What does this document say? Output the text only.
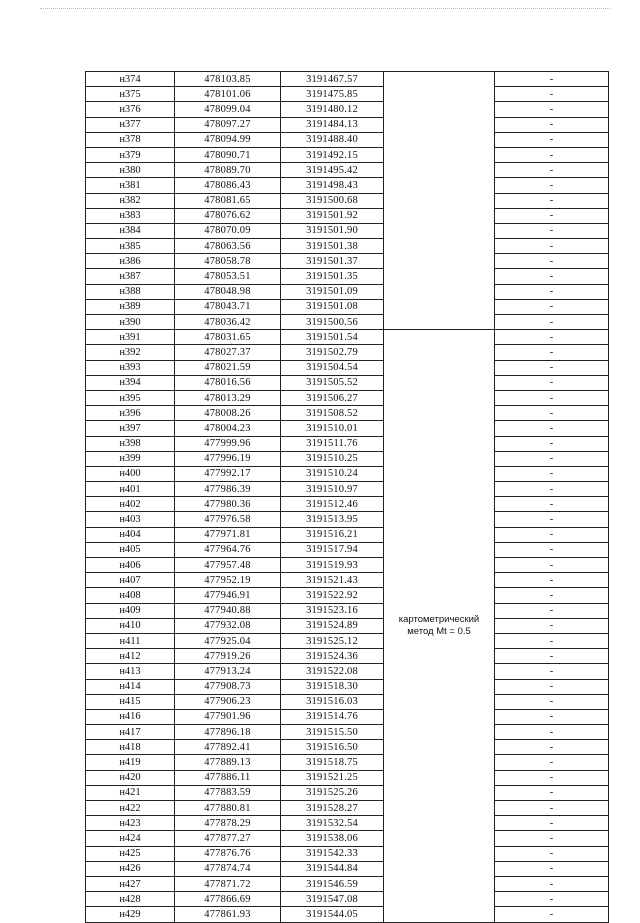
н374	478103.85	3191467.57		-
н375	478101.06	3191475.85		-
н376	478099.04	3191480.12		-
н377	478097.27	3191484.13		-
н378	478094.99	3191488.40		-
н379	478090.71	3191492.15		-
н380	478089.70	3191495.42		-
н381	478086.43	3191498.43		-
н382	478081.65	3191500.68		-
н383	478076.62	3191501.92		-
н384	478070.09	3191501.90		-
н385	478063.56	3191501.38		-
н386	478058.78	3191501.37		-
н387	478053.51	3191501.35		-
н388	478048.98	3191501.09		-
н389	478043.71	3191501.08		-
н390	478036.42	3191500.56		-
н391	478031.65	3191501.54	картометрический метод Mt = 0.5	-
н392	478027.37	3191502.79		-
н393	478021.59	3191504.54		-
н394	478016.56	3191505.52		-
н395	478013.29	3191506.27		-
н396	478008.26	3191508.52		-
н397	478004.23	3191510.01		-
н398	477999.96	3191511.76		-
н399	477996.19	3191510.25		-
н400	477992.17	3191510.24		-
н401	477986.39	3191510.97		-
н402	477980.36	3191512.46		-
н403	477976.58	3191513.95		-
н404	477971.81	3191516.21		-
н405	477964.76	3191517.94		-
н406	477957.48	3191519.93		-
н407	477952.19	3191521.43		-
н408	477946.91	3191522.92		-
н409	477940.88	3191523.16		-
н410	477932.08	3191524.89		-
н411	477925.04	3191525.12		-
н412	477919.26	3191524.36		-
н413	477913.24	3191522.08		-
н414	477908.73	3191518.30		-
н415	477906.23	3191516.03		-
н416	477901.96	3191514.76		-
н417	477896.18	3191515.50		-
н418	477892.41	3191516.50		-
н419	477889.13	3191518.75		-
н420	477886.11	3191521.25		-
н421	477883.59	3191525.26		-
н422	477880.81	3191528.27		-
н423	477878.29	3191532.54		-
н424	477877.27	3191538.06		-
н425	477876.76	3191542.33		-
н426	477874.74	3191544.84		-
н427	477871.72	3191546.59		-
н428	477866.69	3191547.08		-
н429	477861.93	3191544.05		-
